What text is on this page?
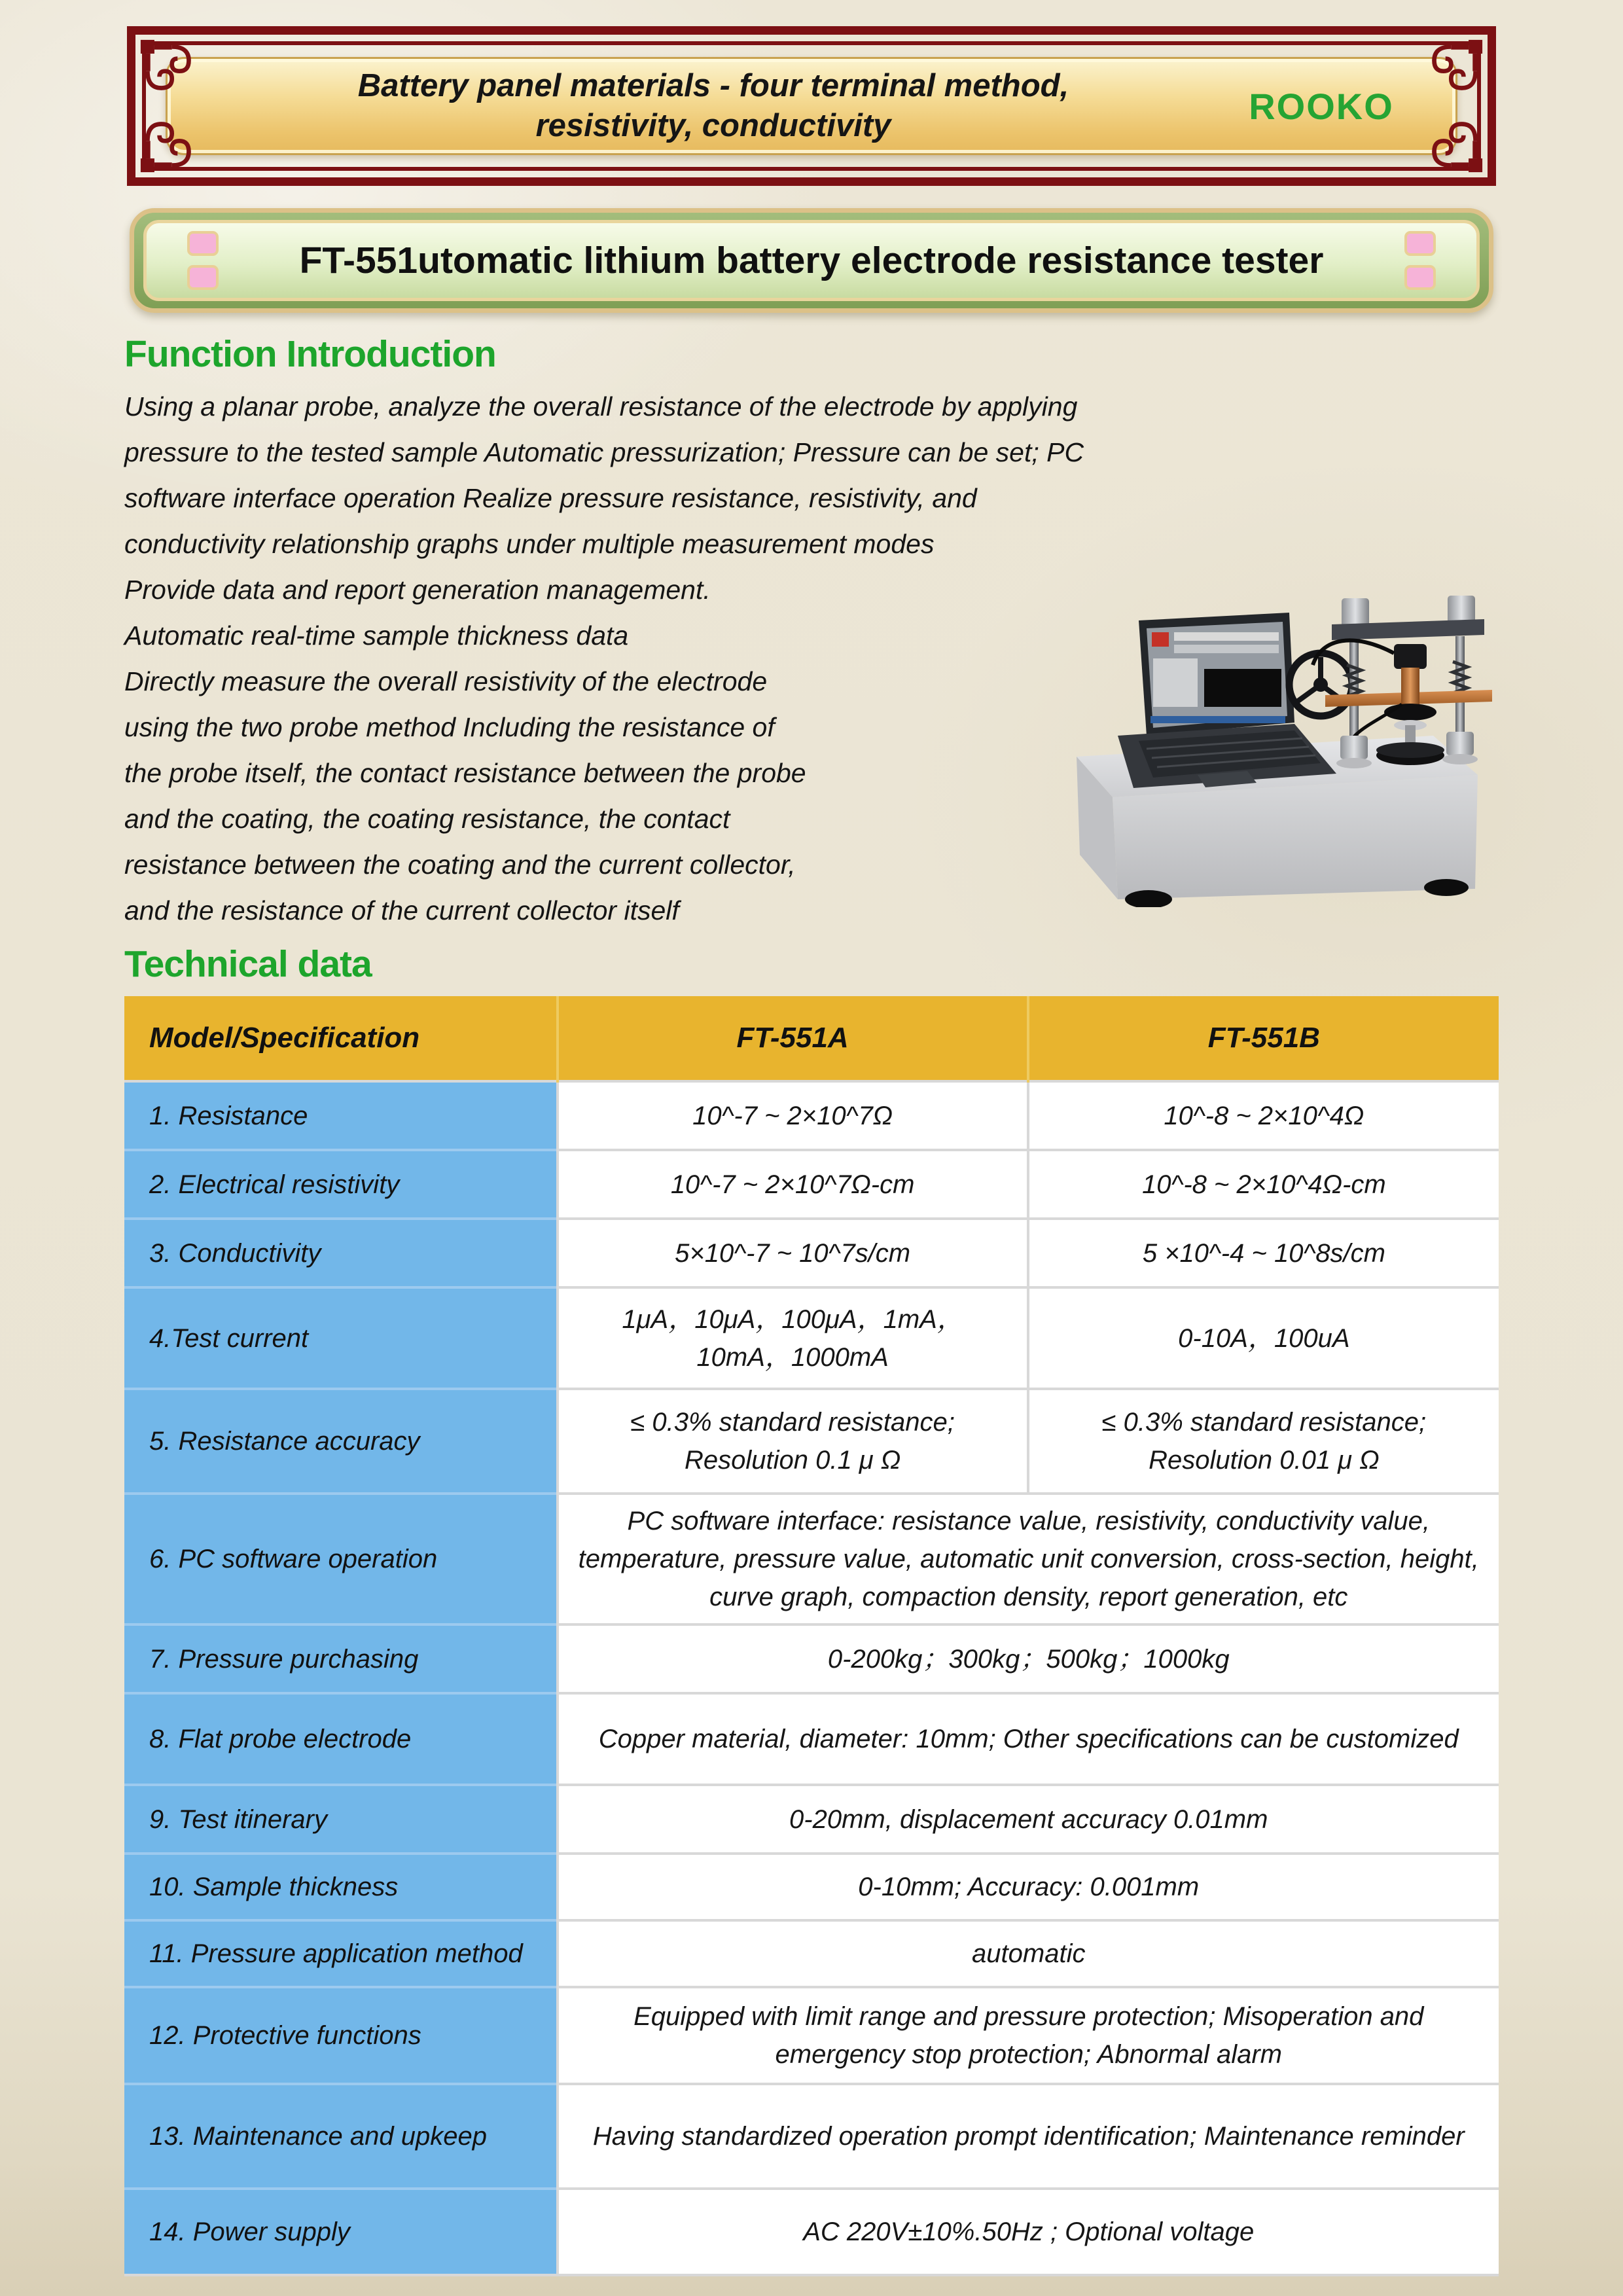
Battery panel materials - four terminal method,
resistivity, conductivity	ROOKO
FT-551utomatic lithium battery electrode resistance tester
Function Introduction
Using a planar probe, analyze the overall resistance of the electrode by applying
pressure to the tested sample Automatic pressurization; Pressure can be set; PC
software interface operation Realize pressure resistance, resistivity, and
conductivity relationship graphs under multiple measurement modes
Provide data and report generation management.
Automatic real-time sample thickness data
Directly measure the overall resistivity of the electrode
using the two probe method Including the resistance of
the probe itself, the contact resistance between the probe
and the coating, the coating resistance, the contact
resistance between the coating and the current collector,
and the resistance of the current collector itself
Technical data
Model/Specification	FT-551A	FT-551B
1. Resistance	10^-7 ~ 2×10^7Ω	10^-8 ~ 2×10^4Ω
2. Electrical resistivity	10^-7 ~ 2×10^7Ω-cm	10^-8 ~ 2×10^4Ω-cm
3. Conductivity	5×10^-7 ~ 10^7s/cm	5 ×10^-4 ~ 10^8s/cm
4.Test current	1μA，10μA，100μA，1mA， 10mA，1000mA	0-10A，100uA
5. Resistance accuracy	≤ 0.3% standard resistance; Resolution 0.1 μ Ω	≤ 0.3% standard resistance; Resolution 0.01 μ Ω
6. PC software operation	PC software interface: resistance value, resistivity, conductivity value, temperature, pressure value, automatic unit conversion, cross-section, height, curve graph, compaction density, report generation, etc	
7. Pressure purchasing	0-200kg；300kg；500kg；1000kg	
8. Flat probe electrode	Copper material, diameter: 10mm; Other specifications can be customized	
9. Test itinerary	0-20mm, displacement accuracy 0.01mm	
10. Sample thickness	0-10mm; Accuracy: 0.001mm	
11. Pressure application method	automatic	
12. Protective functions	Equipped with limit range and pressure protection; Misoperation and emergency stop protection; Abnormal alarm	
13. Maintenance and upkeep	Having standardized operation prompt identification; Maintenance reminder	
14. Power supply	AC 220V±10%.50Hz ; Optional voltage	
